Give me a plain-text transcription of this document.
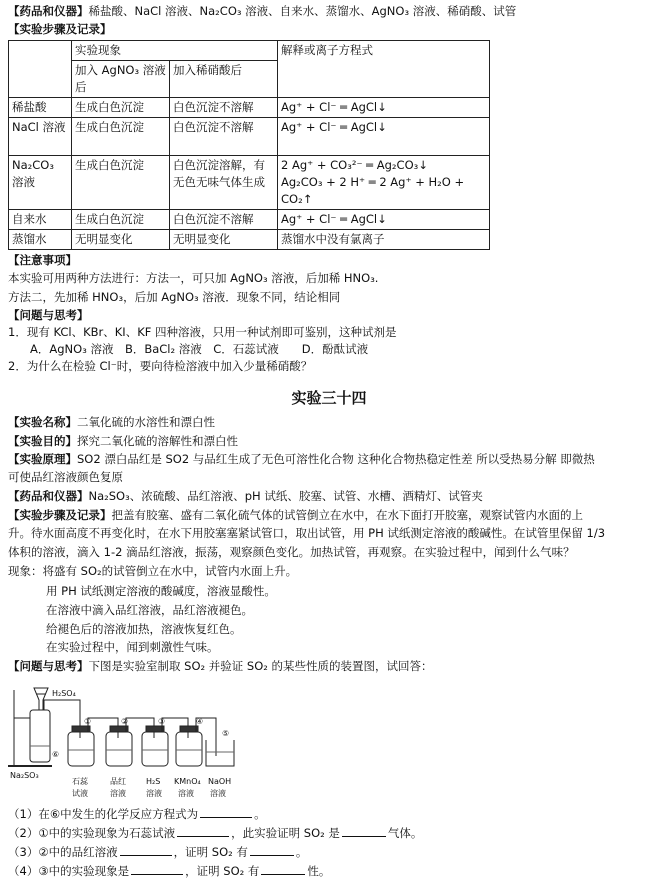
【药品和仪器】稀盐酸、NaCl 溶液、Na₂CO₃ 溶液、自来水、蒸馏水、AgNO₃ 溶液、稀硝酸、试管
【实验步骤及记录】
	实验现象		解释或离子方程式
	加入 AgNO₃ 溶液后	加入稀硝酸后	
稀盐酸	生成白色沉淀	白色沉淀不溶解	Ag⁺ + Cl⁻ ═ AgCl↓
NaCl 溶液	生成白色沉淀	白色沉淀不溶解	Ag⁺ + Cl⁻ ═ AgCl↓
Na₂CO₃ 溶液	生成白色沉淀	白色沉淀溶解，有无色无味气体生成	2 Ag⁺ + CO₃²⁻ ═ Ag₂CO₃↓
Ag₂CO₃ + 2 H⁺ ═ 2 Ag⁺ + H₂O + CO₂↑

自来水	生成白色沉淀	白色沉淀不溶解	Ag⁺ + Cl⁻ ═ AgCl↓
蒸馏水	无明显变化	无明显变化	蒸馏水中没有氯离子
【注意事项】
本实验可用两种方法进行：方法一，可只加 AgNO₃ 溶液，后加稀 HNO₃.
方法二，先加稀 HNO₃，后加 AgNO₃ 溶液．现象不同，结论相同
【问题与思考】
1．现有 KCl、KBr、KI、KF 四种溶液，只用一种试剂即可鉴别，这种试剂是
A．AgNO₃ 溶液　B．BaCl₂ 溶液　C．石蕊试液　　D．酚酞试液
2．为什么在检验 Cl⁻时，要向待检溶液中加入少量稀硝酸？
实验三十四
【实验名称】二氧化硫的水溶性和漂白性
【实验目的】探究二氧化硫的溶解性和漂白性
【实验原理】SO2 漂白品红是 SO2 与品红生成了无色可溶性化合物 这种化合物热稳定性差 所以受热易分解 即微热
可使品红溶液颜色复原
【药品和仪器】Na₂SO₃、浓硫酸、品红溶液、pH 试纸、胶塞、试管、水槽、酒精灯、试管夹
【实验步骤及记录】把盖有胶塞、盛有二氧化硫气体的试管倒立在水中，在水下面打开胶塞，观察试管内水面的上
升。待水面高度不再变化时，在水下用胶塞塞紧试管口，取出试管，用 PH 试纸测定溶液的酸碱性。在试管里保留 1/3
体积的溶液，滴入 1-2 滴品红溶液，振荡，观察颜色变化。加热试管，再观察。在实验过程中，闻到什么气味？
现象：将盛有 SO₂的试管倒立在水中，试管内水面上升。
用 PH 试纸测定溶液的酸碱度，溶液显酸性。
在溶液中滴入品红溶液，品红溶液褪色。
给褪色后的溶液加热，溶液恢复红色。
在实验过程中，闻到刺激性气味。
【问题与思考】下图是实验室制取 SO₂ 并验证 SO₂ 的某些性质的装置图，试回答：
H₂SO₄
⑥
Na₂SO₃
①	②	③	④
⑤
石蕊
试液
品红
溶液
H₂S
溶液
KMnO₄
溶液
NaOH
溶液
（1）在⑥中发生的化学反应方程式为	。
（2）①中的实验现象为石蕊试液	，此实验证明 SO₂ 是	气体。
（3）②中的品红溶液	，证明 SO₂ 有	。
（4）③中的实验现象是	，证明 SO₂ 有	性。
